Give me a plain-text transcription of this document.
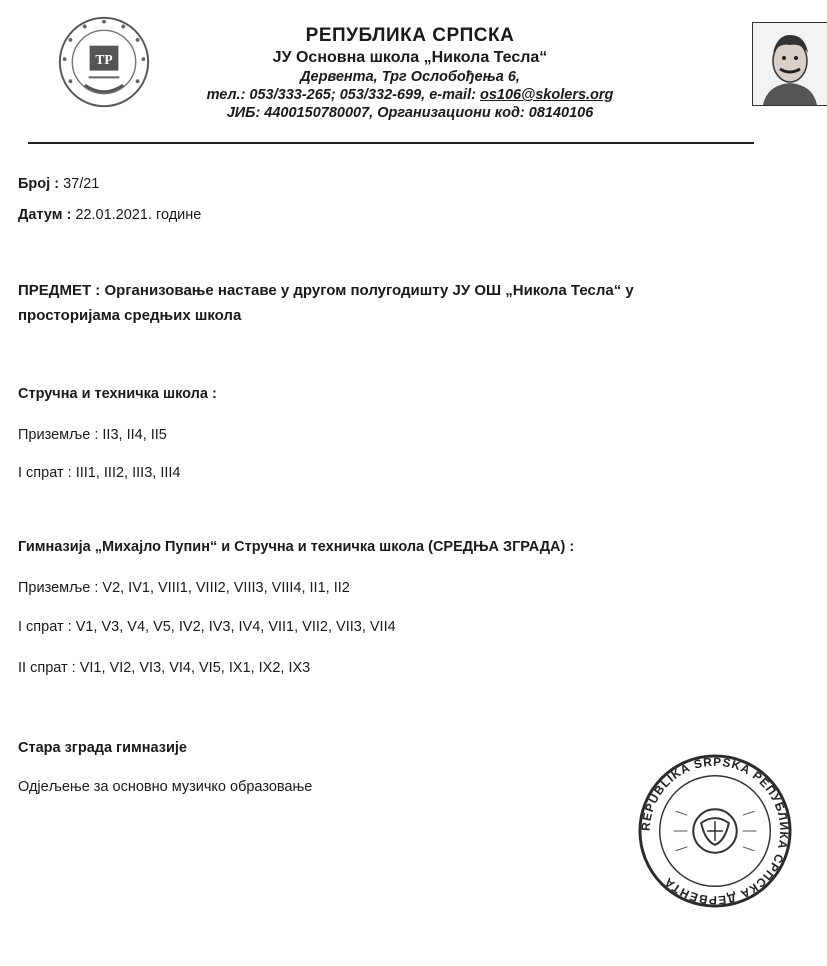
TP
РЕПУБЛИКА СРПСКА
ЈУ Основна школа „Никола Тесла“
Дервента, Трг Ослобођења 6,
тел.: 053/333-265; 053/332-699, e-mail: os106@skolers.org
ЈИБ: 4400150780007, Организациони код: 08140106
Број : 37/21
Датум : 22.01.2021. године
ПРЕДМЕТ : Организовање наставе у другом полугодишту ЈУ ОШ „Никола Тесла“ у
просторијама средњих школа
Стручна и техничка школа :
Приземље : II3, II4, II5
I спрат : III1, III2, III3, III4
Гимназија „Михајло Пупин“ и Стручна и техничка школа (СРЕДЊА ЗГРАДА) :
Приземље : V2, IV1, VIII1, VIII2, VIII3, VIII4, II1, II2
I спрат : V1, V3, V4, V5, IV2, IV3, IV4, VII1, VII2, VII3, VII4
II спрат : VI1, VI2, VI3, VI4, VI5, IX1, IX2, IX3
Стара зграда гимназије
Одјељење за основно музичко образовање
REPUBLIKA SRPSKA РЕПУБЛИКА СРПСКА ДЕРВЕНТА
